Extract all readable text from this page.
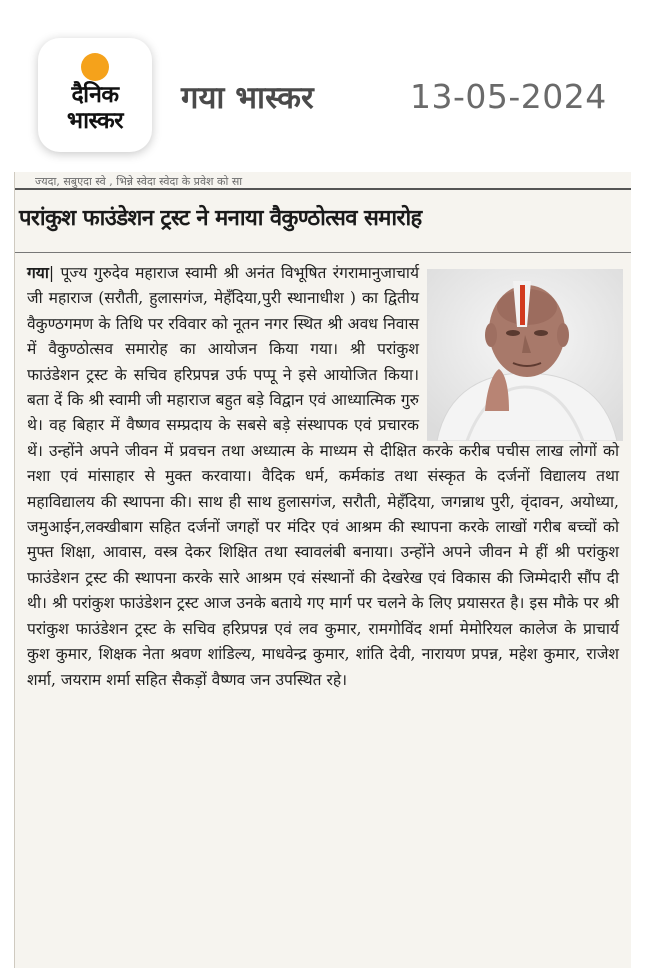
दैनिक
भास्कर
गया भास्कर	13-05-2024
ज्यदा, सबुएदा स्वे , भिन्ने स्वेदा स्वेदा के प्रवेश को सा
परांकुश फाउंडेशन ट्रस्ट ने मनाया वैकुण्ठोत्सव समारोह
गया| पूज्य गुरुदेव महाराज स्वामी श्री अनंत विभूषित रंगरामानुजाचार्य जी महाराज (सरौती, हुलासगंज, मेहँदिया,पुरी स्थानाधीश ) का द्वितीय वैकुण्ठगमण के तिथि पर रविवार को नूतन नगर स्थित श्री अवध निवास में वैकुण्ठोत्सव समारोह का आयोजन किया गया। श्री परांकुश फाउंडेशन ट्रस्ट के सचिव हरिप्रपन्न उर्फ पप्पू ने इसे आयोजित किया। बता दें कि श्री स्वामी जी महाराज बहुत बड़े विद्वान एवं आध्यात्मिक गुरु थे। वह बिहार में वैष्णव सम्प्रदाय के सबसे बड़े संस्थापक एवं प्रचारक थें। उन्होंने अपने जीवन में प्रवचन तथा अध्यात्म के माध्यम से दीक्षित करके करीब पचीस लाख लोगों को नशा एवं मांसाहार से मुक्त करवाया। वैदिक धर्म, कर्मकांड तथा संस्कृत के दर्जनों विद्यालय तथा महाविद्यालय की स्थापना की। साथ ही साथ हुलासगंज, सरौती, मेहँदिया, जगन्नाथ पुरी, वृंदावन, अयोध्या, जमुआईन,लक्खीबाग सहित दर्जनों जगहों पर मंदिर एवं आश्रम की स्थापना करके लाखों गरीब बच्चों को मुफ्त शिक्षा, आवास, वस्त्र देकर शिक्षित तथा स्वावलंबी बनाया। उन्होंने अपने जीवन मे हीं श्री परांकुश फाउंडेशन ट्रस्ट की स्थापना करके सारे आश्रम एवं संस्थानों की देखरेख एवं विकास की जिम्मेदारी सौंप दी थी। श्री परांकुश फाउंडेशन ट्रस्ट आज उनके बताये गए मार्ग पर चलने के लिए प्रयासरत है। इस मौके पर श्री परांकुश फाउंडेशन ट्रस्ट के सचिव हरिप्रपन्न एवं लव कुमार, रामगोविंद शर्मा मेमोरियल कालेज के प्राचार्य कुश कुमार, शिक्षक नेता श्रवण शांडिल्य, माधवेन्द्र कुमार, शांति देवी, नारायण प्रपन्न, महेश कुमार, राजेश शर्मा, जयराम शर्मा सहित सैकड़ों वैष्णव जन उपस्थित रहे।
